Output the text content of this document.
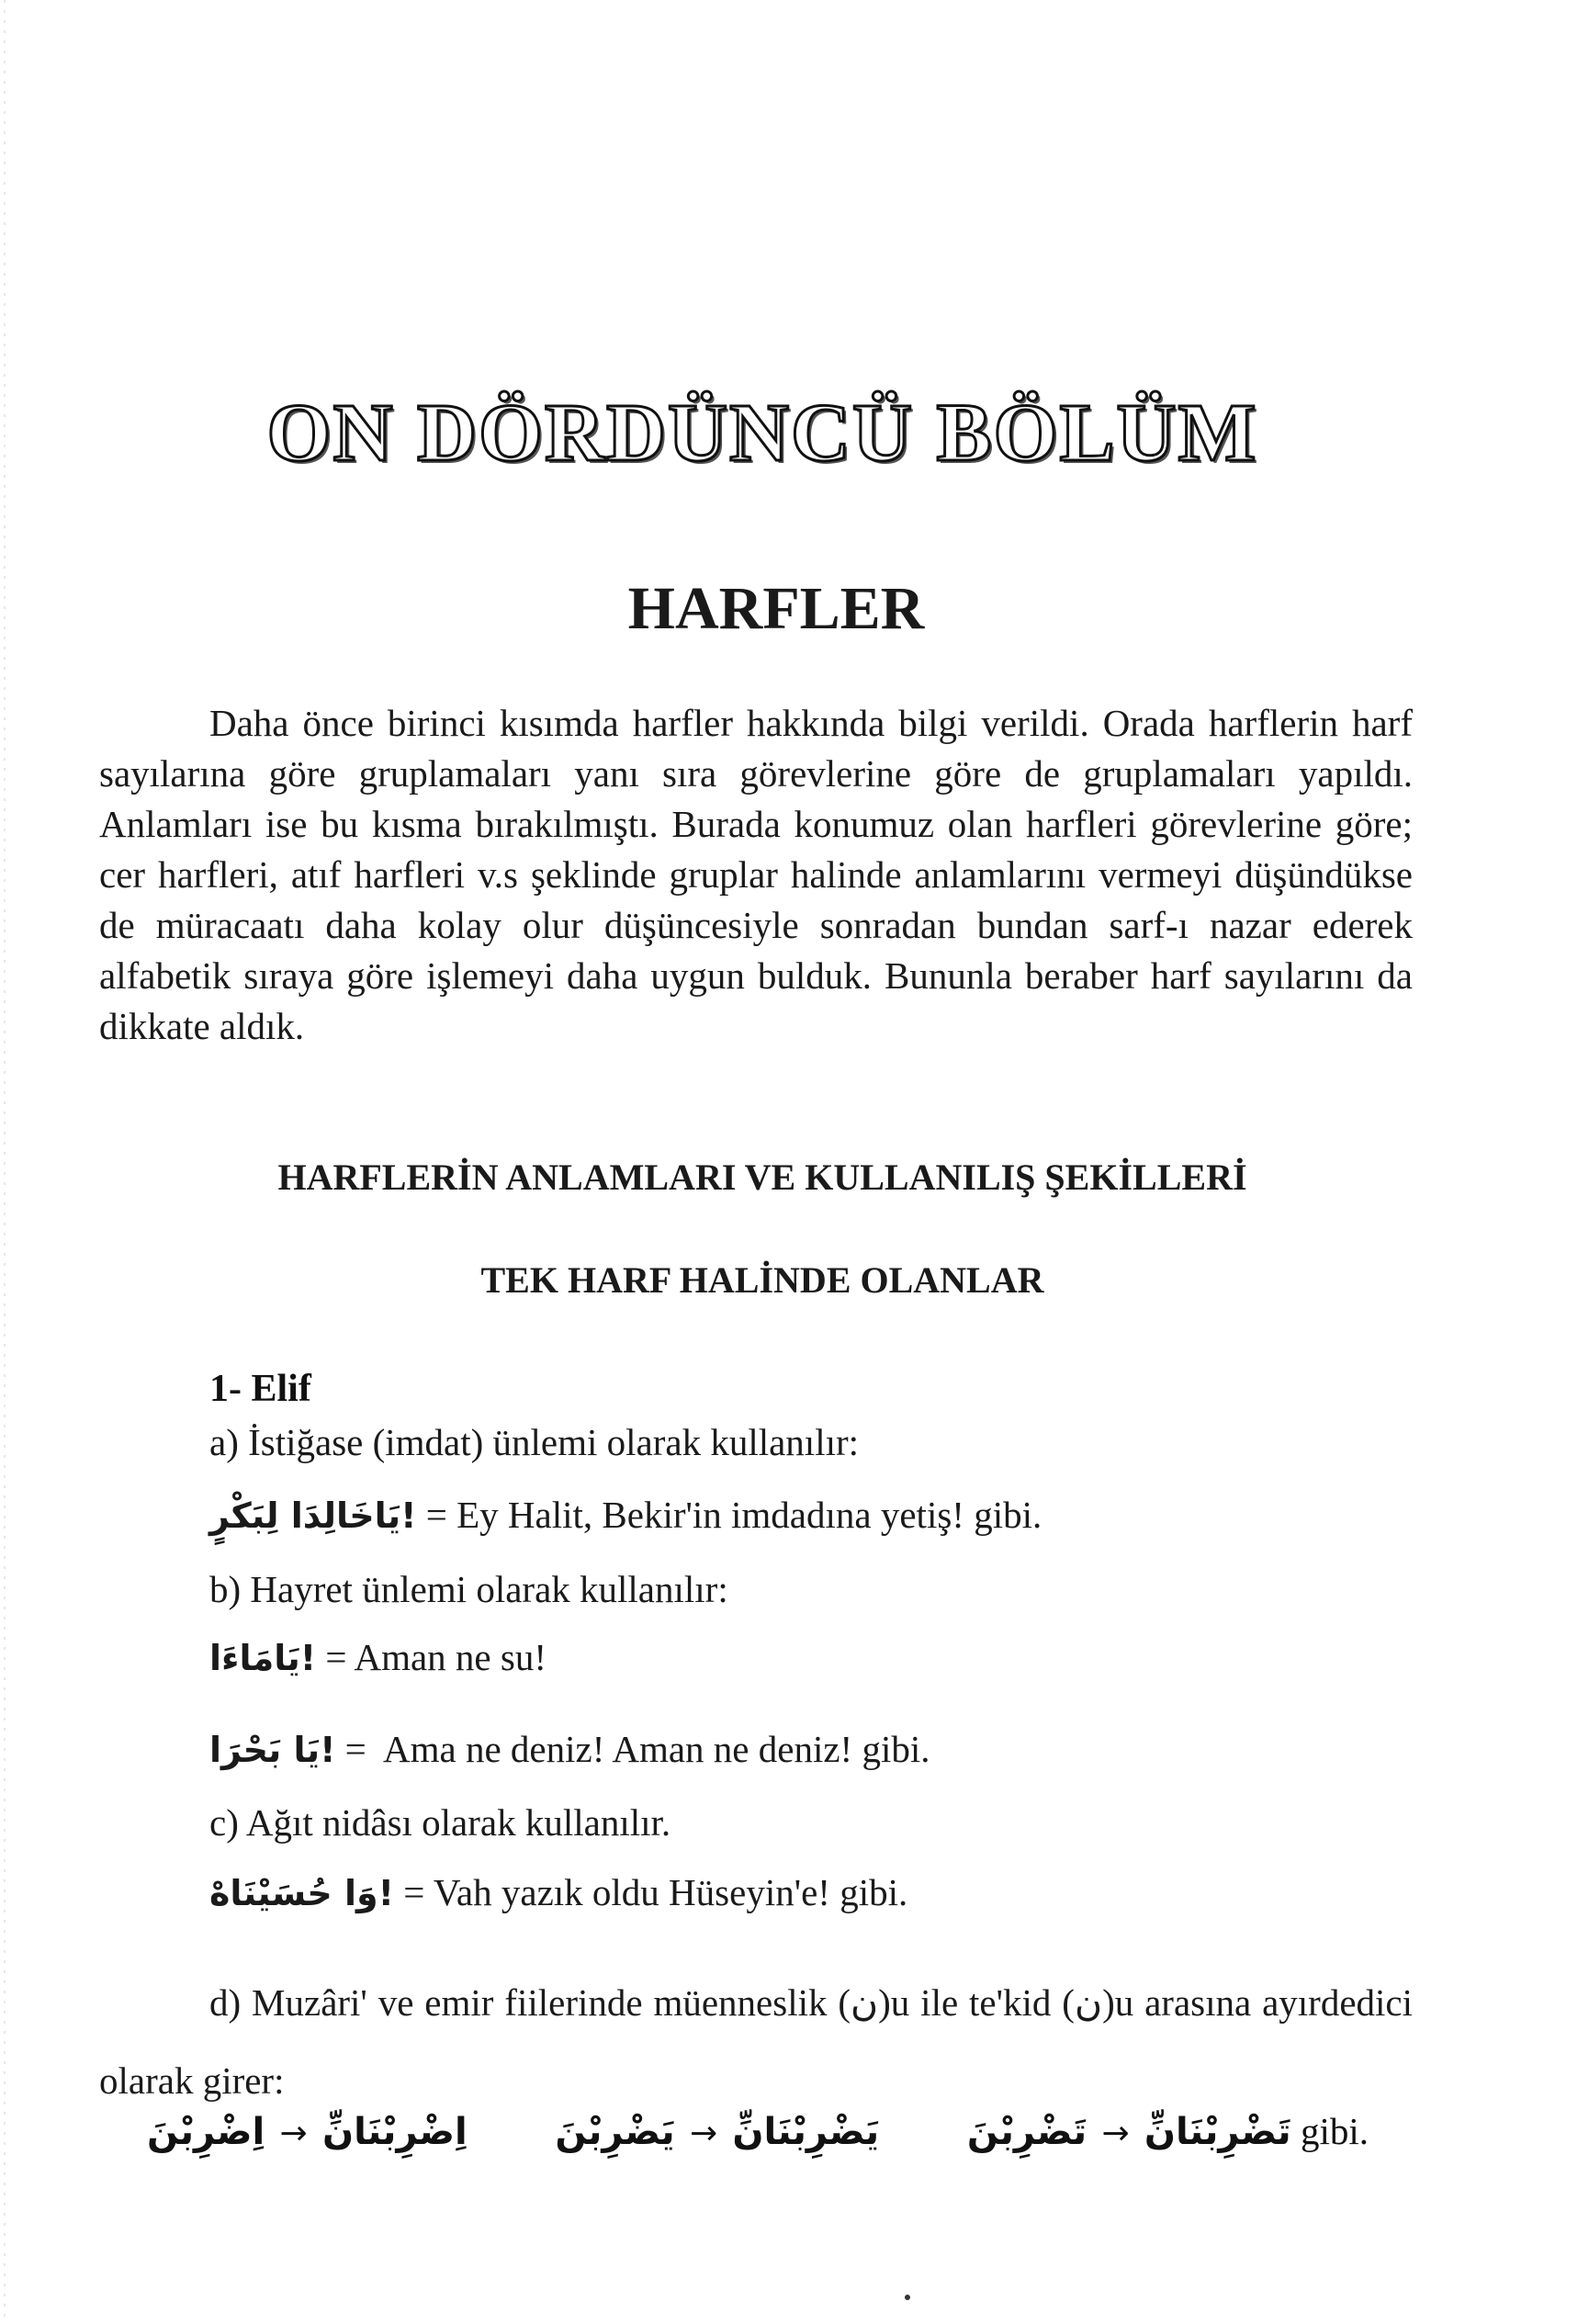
ON DÖRDÜNCÜ BÖLÜM
HARFLER

Daha önce birinci kısımda harfler hakkında bilgi verildi. Orada harflerin harf sayılarına göre gruplamaları yanı sıra görevlerine göre de gruplamaları yapıldı. Anlamları ise bu kısma bırakılmıştı. Burada konumuz olan harfleri görevlerine göre; cer harfleri, atıf harfleri v.s şeklinde gruplar halinde anlamlarını vermeyi düşündükse de müracaatı daha kolay olur düşüncesiyle sonradan bundan sarf-ı nazar ederek alfabetik sıraya göre işlemeyi daha uygun bulduk. Bununla beraber harf sayılarını da dikkate aldık.

HARFLERİN ANLAMLARI VE KULLANILIŞ ŞEKİLLERİ
TEK HARF HALİNDE OLANLAR
1- Elif
a) İstiğase (imdat) ünlemi olarak kullanılır:
!يَاخَالِدَا لِبَكْرٍ = Ey Halit, Bekir'in imdadına yetiş! gibi.
b) Hayret ünlemi olarak kullanılır:
!يَامَاءَا = Aman ne su!
!يَا بَحْرَا =  Ama ne deniz! Aman ne deniz! gibi.
c) Ağıt nidâsı olarak kullanılır.
!وَا حُسَيْنَاهْ = Vah yazık oldu Hüseyin'e! gibi.

d) Muzâri' ve emir fiilerinde müenneslik (ن)u ile te'kid (ن)u arasına ayırdedici olarak girer:

اِضْرِبْنَ → اِضْرِبْنَانِّ يَضْرِبْنَ → يَضْرِبْنَانِّ تَضْرِبْنَ → تَضْرِبْنَانِّ gibi.
